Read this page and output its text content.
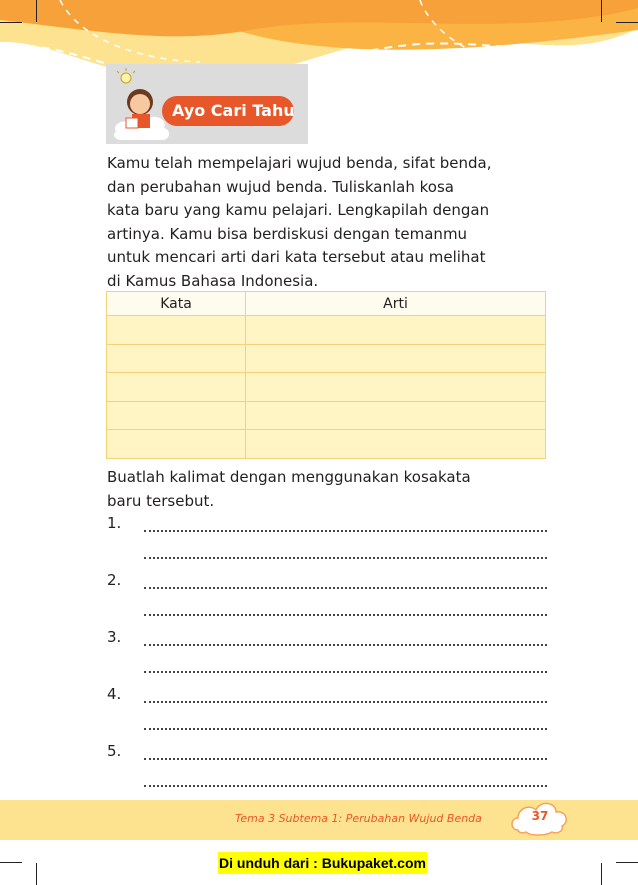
Ayo Cari Tahu

Kamu telah mempelajari wujud benda, sifat benda,

dan perubahan wujud benda. Tuliskanlah kosa

kata baru yang kamu pelajari. Lengkapilah dengan

artinya. Kamu bisa berdiskusi dengan temanmu

untuk mencari arti dari kata tersebut atau melihat

di Kamus Bahasa Indonesia.

Kata	Arti

Buatlah kalimat dengan menggunakan kosakata

baru tersebut.

1.
2.
3.
4.
5.
Tema 3 Subtema 1: Perubahan Wujud Benda	37
Di unduh dari : Bukupaket.com
